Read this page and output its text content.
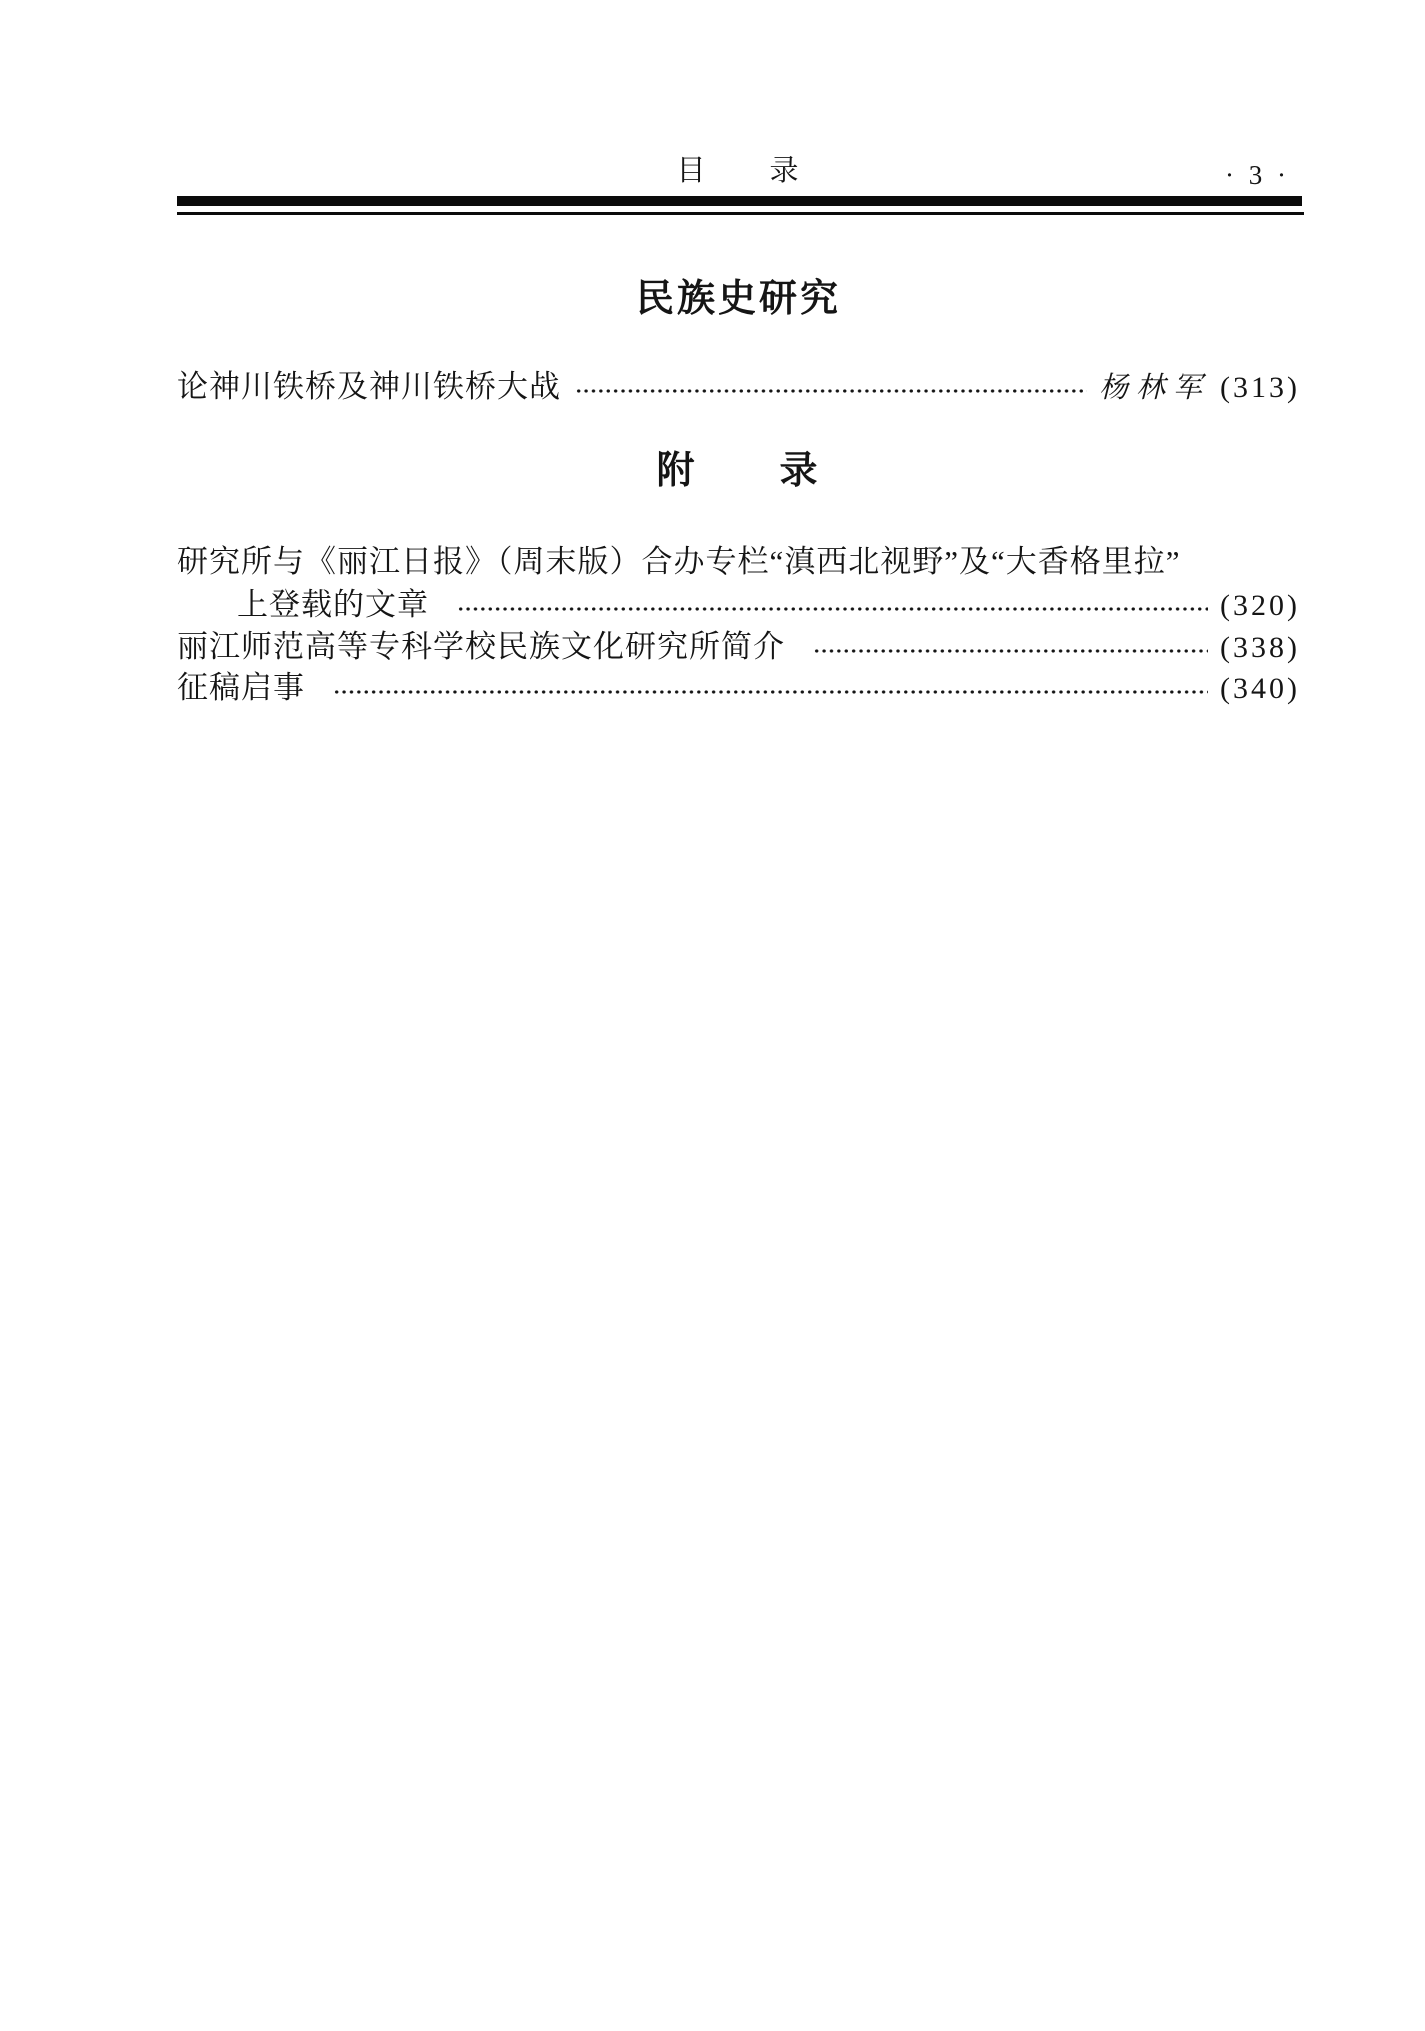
目　　录	· 3 ·
民族史研究
论神川铁桥及神川铁桥大战	杨林军 (313)
附　　录
研究所与《丽江日报》（周末版）合办专栏“滇西北视野”及“大香格里拉”
上登载的文章	(320)
丽江师范高等专科学校民族文化研究所简介	(338)
征稿启事	(340)
